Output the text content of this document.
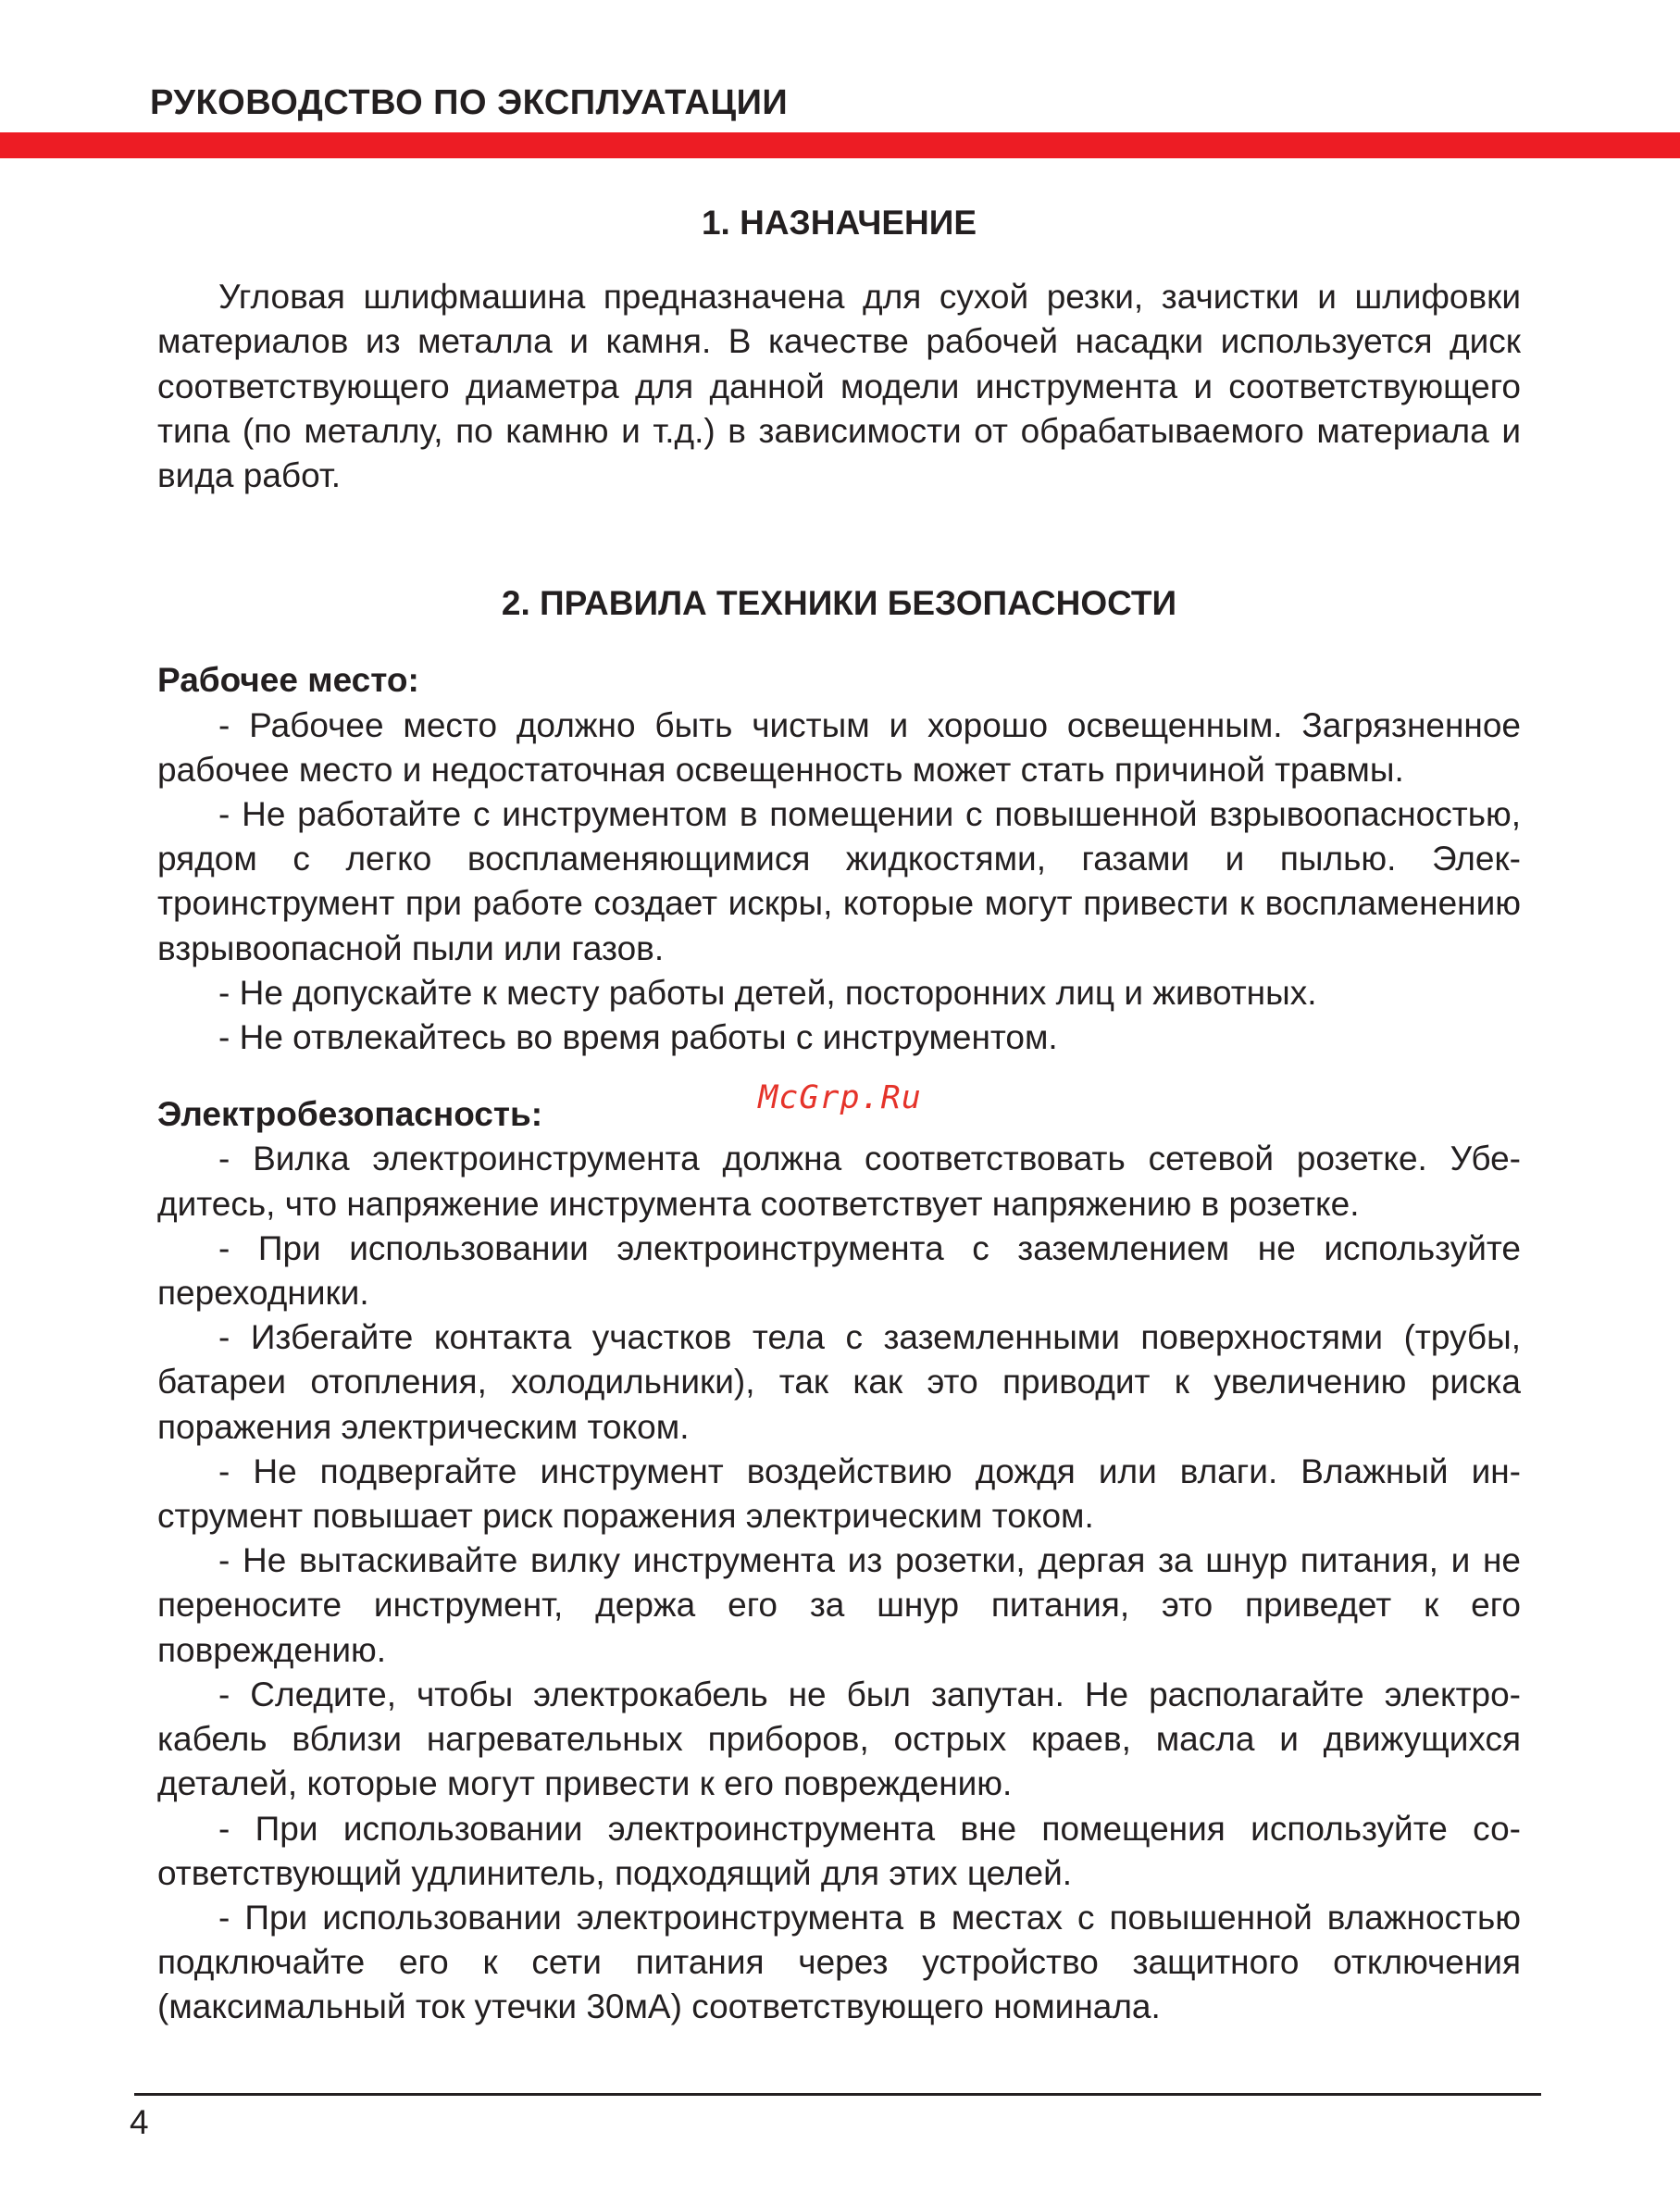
РУКОВОДСТВО ПО ЭКСПЛУАТАЦИИ
1. НАЗНАЧЕНИЕ

Угловая шлифмашина предназначена для сухой резки, зачистки и шлифовки материалов из металла и камня. В качестве рабочей насадки используется диск соответствующего диаметра для данной модели инструмента и соответствующего типа (по металлу, по камню и т.д.) в зависимости от обрабатываемого материала и вида работ.

2. ПРАВИЛА ТЕХНИКИ БЕЗОПАСНОСТИ
Рабочее место:

- Рабочее место должно быть чистым и хорошо освещенным. Загрязненное рабочее место и недостаточная освещенность может стать причиной травмы.

- Не работайте с инструментом в помещении с повышенной взрывоопасностью, рядом с легко воспламеняющимися жидкостями, газами и пылью. Электроинструмент при работе создает искры, которые могут привести к воспламенению взрывоопасной пыли или газов.

- Не допускайте к месту работы детей, посторонних лиц и животных.

- Не отвлекайтесь во время работы с инструментом.

Электробезопасность:

- Вилка электроинструмента должна соответствовать сетевой розетке. Убедитесь, что напряжение инструмента соответствует напряжению в розетке.

- При использовании электроинструмента с заземлением не используйте переходники.

- Избегайте контакта участков тела с заземленными поверхностями (трубы, батареи отопления, холодильники), так как это приводит к увеличению риска поражения электрическим током.

- Не подвергайте инструмент воздействию дождя или влаги. Влажный инструмент повышает риск поражения электрическим током.

- Не вытаскивайте вилку инструмента из розетки, дергая за шнур питания, и не переносите инструмент, держа его за шнур питания, это приведет к его повреждению.

- Следите, чтобы электрокабель не был запутан. Не располагайте электрокабель вблизи нагревательных приборов, острых краев, масла и движущихся деталей, которые могут привести к его повреждению.

- При использовании электроинструмента вне помещения используйте соответствующий удлинитель, подходящий для этих целей.

- При использовании электроинструмента в местах с повышенной влажностью подключайте его к сети питания через устройство защитного отключения (максимальный ток утечки 30мА) соответствующего номинала.

McGrp.Ru
4
